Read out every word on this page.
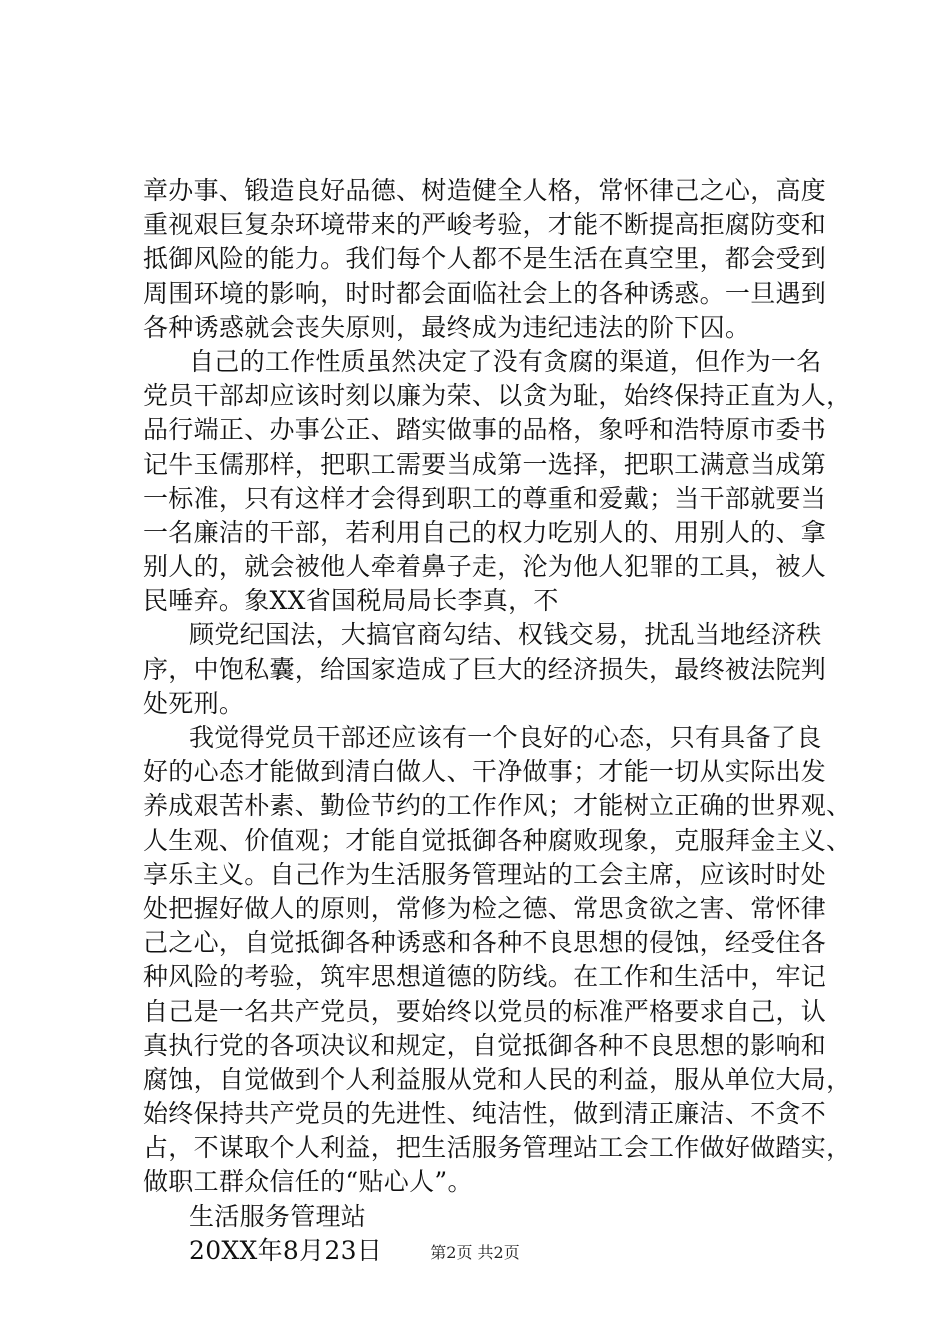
章办事、锻造良好品德、树造健全人格，常怀律己之心，高度
重视艰巨复杂环境带来的严峻考验，才能不断提高拒腐防变和
抵御风险的能力。我们每个人都不是生活在真空里，都会受到
周围环境的影响，时时都会面临社会上的各种诱惑。一旦遇到
各种诱惑就会丧失原则，最终成为违纪违法的阶下囚。
自己的工作性质虽然决定了没有贪腐的渠道，但作为一名
党员干部却应该时刻以廉为荣、以贪为耻，始终保持正直为人，
品行端正、办事公正、踏实做事的品格，象呼和浩特原市委书
记牛玉儒那样，把职工需要当成第一选择，把职工满意当成第
一标准，只有这样才会得到职工的尊重和爱戴；当干部就要当
一名廉洁的干部，若利用自己的权力吃别人的、用别人的、拿
别人的，就会被他人牵着鼻子走，沦为他人犯罪的工具，被人
民唾弃。象XX省国税局局长李真，不
顾党纪国法，大搞官商勾结、权钱交易，扰乱当地经济秩
序，中饱私囊，给国家造成了巨大的经济损失，最终被法院判
处死刑。
我觉得党员干部还应该有一个良好的心态，只有具备了良
好的心态才能做到清白做人、干净做事；才能一切从实际出发
养成艰苦朴素、勤俭节约的工作作风；才能树立正确的世界观、
人生观、价值观；才能自觉抵御各种腐败现象，克服拜金主义、
享乐主义。自己作为生活服务管理站的工会主席，应该时时处
处把握好做人的原则，常修为检之德、常思贪欲之害、常怀律
己之心，自觉抵御各种诱惑和各种不良思想的侵蚀，经受住各
种风险的考验，筑牢思想道德的防线。在工作和生活中，牢记
自己是一名共产党员，要始终以党员的标准严格要求自己，认
真执行党的各项决议和规定，自觉抵御各种不良思想的影响和
腐蚀，自觉做到个人利益服从党和人民的利益，服从单位大局，
始终保持共产党员的先进性、纯洁性，做到清正廉洁、不贪不
占，不谋取个人利益，把生活服务管理站工会工作做好做踏实，
做职工群众信任的“贴心人”。
生活服务管理站
20XX年8月23日	第2页 共2页
